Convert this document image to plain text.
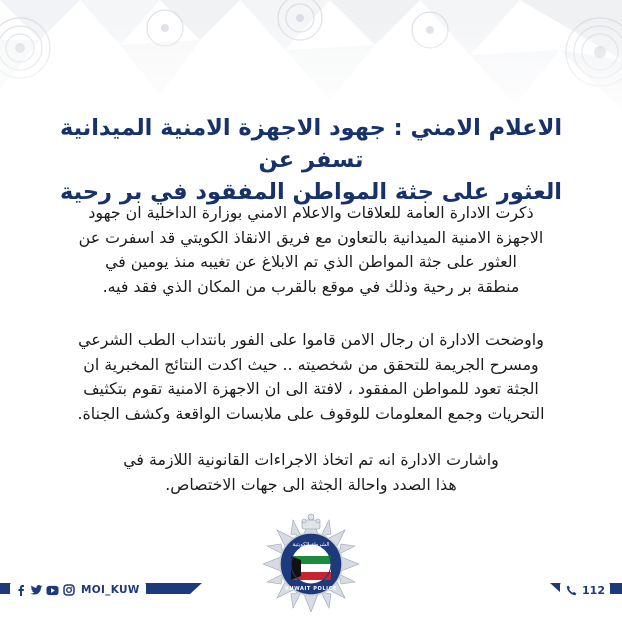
الاعلام الامني : جهود الاجهزة الامنية الميدانية تسفر عن
العثور على جثة المواطن المفقود في بر رحية
ذكرت الادارة العامة للعلاقات والاعلام الامني بوزارة الداخلية ان جهود
الاجهزة الامنية الميدانية بالتعاون مع فريق الانقاذ الكويتي قد اسفرت عن
العثور على جثة المواطن الذي تم الابلاغ عن تغيبه منذ يومين في
منطقة بر رحية وذلك في موقع بالقرب من المكان الذي فقد فيه.
واوضحت الادارة ان رجال الامن قاموا على الفور بانتداب الطب الشرعي
ومسرح الجريمة للتحقق من شخصيته .. حيث اكدت النتائج المخبرية ان
الجثة تعود للمواطن المفقود ، لافتة الى ان الاجهزة الامنية تقوم بتكثيف
التحريات وجمع المعلومات للوقوف على ملابسات الواقعة وكشف الجناة.
واشارت الادارة انه تم اتخاذ الاجراءات القانونية اللازمة في
هذا الصدد واحالة الجثة الى جهات الاختصاص.
الشرطة الكويتية
KUWAIT POLICE
MOI_KUW	112
